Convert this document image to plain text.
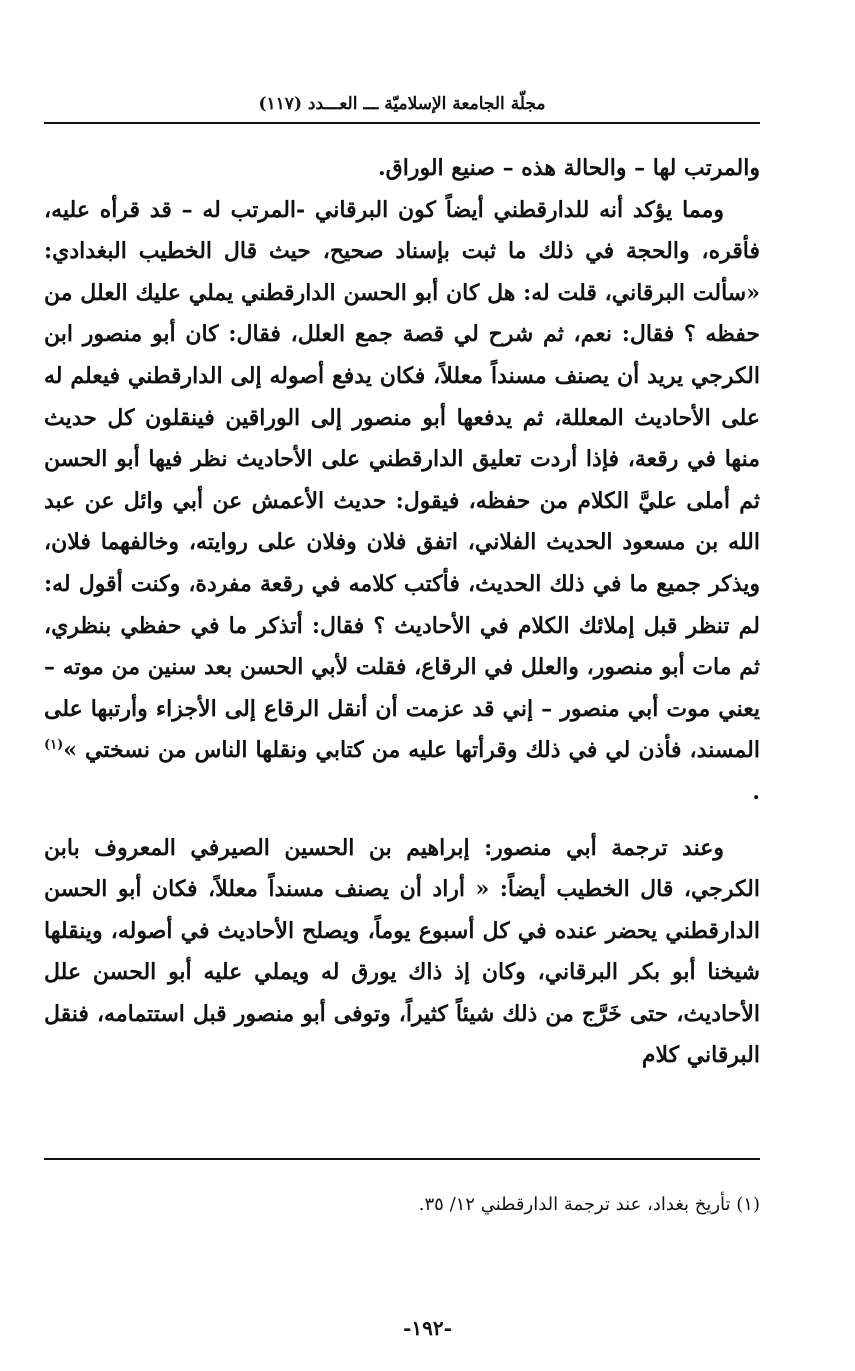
مجلّة الجامعة الإسلاميّة ـــ العـــدد (١١٧)

والمرتب لها – والحالة هذه – صنيع الوراق.

ومما يؤكد أنه للدارقطني أيضاً كون البرقاني -المرتب له – قد قرأه عليه، فأقره، والحجة في ذلك ما ثبت بإسناد صحيح، حيث قال الخطيب البغدادي: «سألت البرقاني، قلت له: هل كان أبو الحسن الدارقطني يملي عليك العلل من حفظه ؟ فقال: نعم، ثم شرح لي قصة جمع العلل، فقال: كان أبو منصور ابن الكرجي يريد أن يصنف مسنداً معللاً، فكان يدفع أصوله إلى الدارقطني فيعلم له على الأحاديث المعللة، ثم يدفعها أبو منصور إلى الوراقين فينقلون كل حديث منها في رقعة، فإذا أردت تعليق الدارقطني على الأحاديث نظر فيها أبو الحسن ثم أملى عليَّ الكلام من حفظه، فيقول: حديث الأعمش عن أبي وائل عن عبد الله بن مسعود الحديث الفلاني، اتفق فلان وفلان على روايته، وخالفهما فلان، ويذكر جميع ما في ذلك الحديث، فأكتب كلامه في رقعة مفردة، وكنت أقول له: لم تنظر قبل إملائك الكلام في الأحاديث ؟ فقال: أتذكر ما في حفظي بنظري، ثم مات أبو منصور، والعلل في الرقاع، فقلت لأبي الحسن بعد سنين من موته – يعني موت أبي منصور – إني قد عزمت أن أنقل الرقاع إلى الأجزاء وأرتبها على المسند، فأذن لي في ذلك وقرأتها عليه من كتابي ونقلها الناس من نسختي »$^{(١)}$ .

وعند ترجمة أبي منصور: إبراهيم بن الحسين الصيرفي المعروف بابن الكرجي، قال الخطيب أيضاً: « أراد أن يصنف مسنداً معللاً، فكان أبو الحسن الدارقطني يحضر عنده في كل أسبوع يوماً، ويصلح الأحاديث في أصوله، وينقلها شيخنا أبو بكر البرقاني، وكان إذ ذاك يورق له ويملي عليه أبو الحسن علل الأحاديث، حتى خَرَّج من ذلك شيئاً كثيراً، وتوفى أبو منصور قبل استتمامه، فنقل البرقاني كلام

(١) تأريخ بغداد، عند ترجمة الدارقطني ١٢/ ٣٥.
-١٩٢-
